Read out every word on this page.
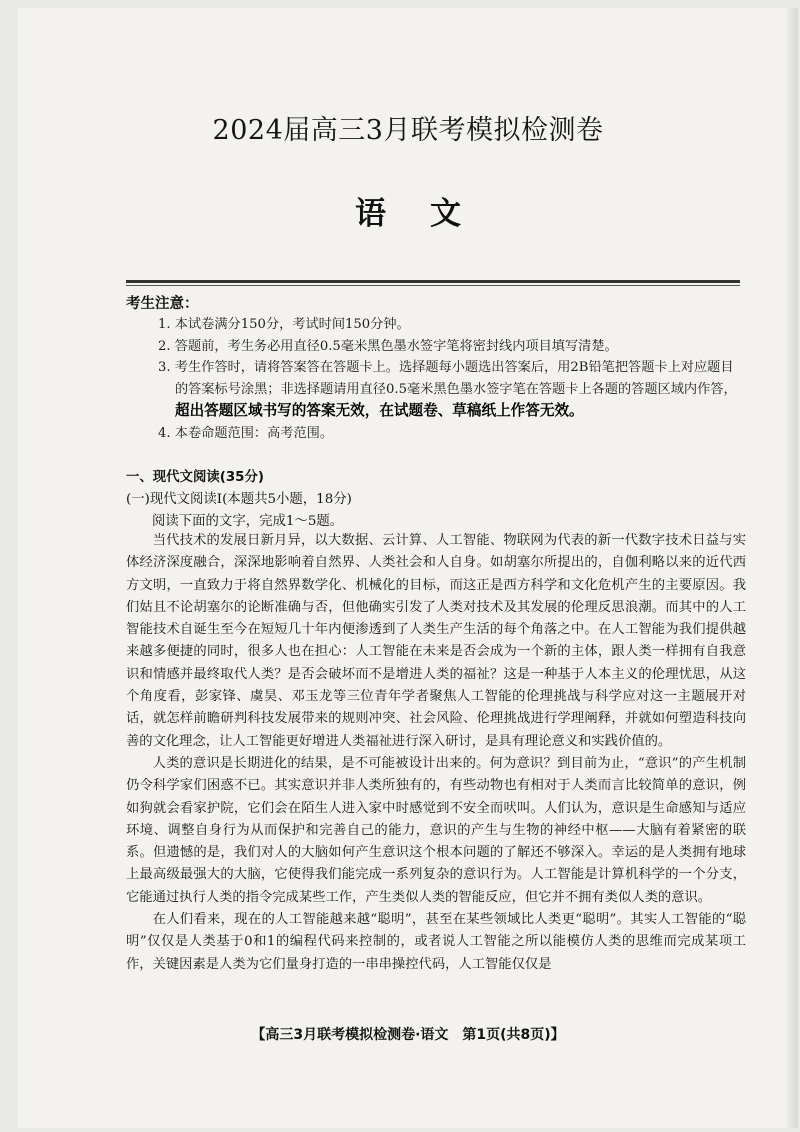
2024届高三3月联考模拟检测卷
语文
考生注意：

1. 本试卷满分150分，考试时间150分钟。

2. 答题前，考生务必用直径0.5毫米黑色墨水签字笔将密封线内项目填写清楚。

3. 考生作答时，请将答案答在答题卡上。选择题每小题选出答案后，用2B铅笔把答题卡上对应题目的答案标号涂黑；非选择题请用直径0.5毫米黑色墨水签字笔在答题卡上各题的答题区域内作答，超出答题区域书写的答案无效，在试题卷、草稿纸上作答无效。

4. 本卷命题范围：高考范围。

一、现代文阅读(35分)
(一)现代文阅读Ⅰ(本题共5小题，18分)
阅读下面的文字，完成1～5题。

当代技术的发展日新月异，以大数据、云计算、人工智能、物联网为代表的新一代数字技术日益与实体经济深度融合，深深地影响着自然界、人类社会和人自身。如胡塞尔所提出的，自伽利略以来的近代西方文明，一直致力于将自然界数学化、机械化的目标，而这正是西方科学和文化危机产生的主要原因。我们姑且不论胡塞尔的论断准确与否，但他确实引发了人类对技术及其发展的伦理反思浪潮。而其中的人工智能技术自诞生至今在短短几十年内便渗透到了人类生产生活的每个角落之中。在人工智能为我们提供越来越多便捷的同时，很多人也在担心：人工智能在未来是否会成为一个新的主体，跟人类一样拥有自我意识和情感并最终取代人类？是否会破坏而不是增进人类的福祉？这是一种基于人本主义的伦理忧思，从这个角度看，彭家锋、虞昊、邓玉龙等三位青年学者聚焦人工智能的伦理挑战与科学应对这一主题展开对话，就怎样前瞻研判科技发展带来的规则冲突、社会风险、伦理挑战进行学理阐释，并就如何塑造科技向善的文化理念，让人工智能更好增进人类福祉进行深入研讨，是具有理论意义和实践价值的。

人类的意识是长期进化的结果，是不可能被设计出来的。何为意识？到目前为止，“意识”的产生机制仍令科学家们困惑不已。其实意识并非人类所独有的，有些动物也有相对于人类而言比较简单的意识，例如狗就会看家护院，它们会在陌生人进入家中时感觉到不安全而吠叫。人们认为，意识是生命感知与适应环境、调整自身行为从而保护和完善自己的能力，意识的产生与生物的神经中枢——大脑有着紧密的联系。但遗憾的是，我们对人的大脑如何产生意识这个根本问题的了解还不够深入。幸运的是人类拥有地球上最高级最强大的大脑，它使得我们能完成一系列复杂的意识行为。人工智能是计算机科学的一个分支，它能通过执行人类的指令完成某些工作，产生类似人类的智能反应，但它并不拥有类似人类的意识。

在人们看来，现在的人工智能越来越“聪明”，甚至在某些领域比人类更“聪明”。其实人工智能的“聪明”仅仅是人类基于0和1的编程代码来控制的，或者说人工智能之所以能模仿人类的思维而完成某项工作，关键因素是人类为它们量身打造的一串串操控代码，人工智能仅仅是

【高三3月联考模拟检测卷·语文　第1页(共8页)】
